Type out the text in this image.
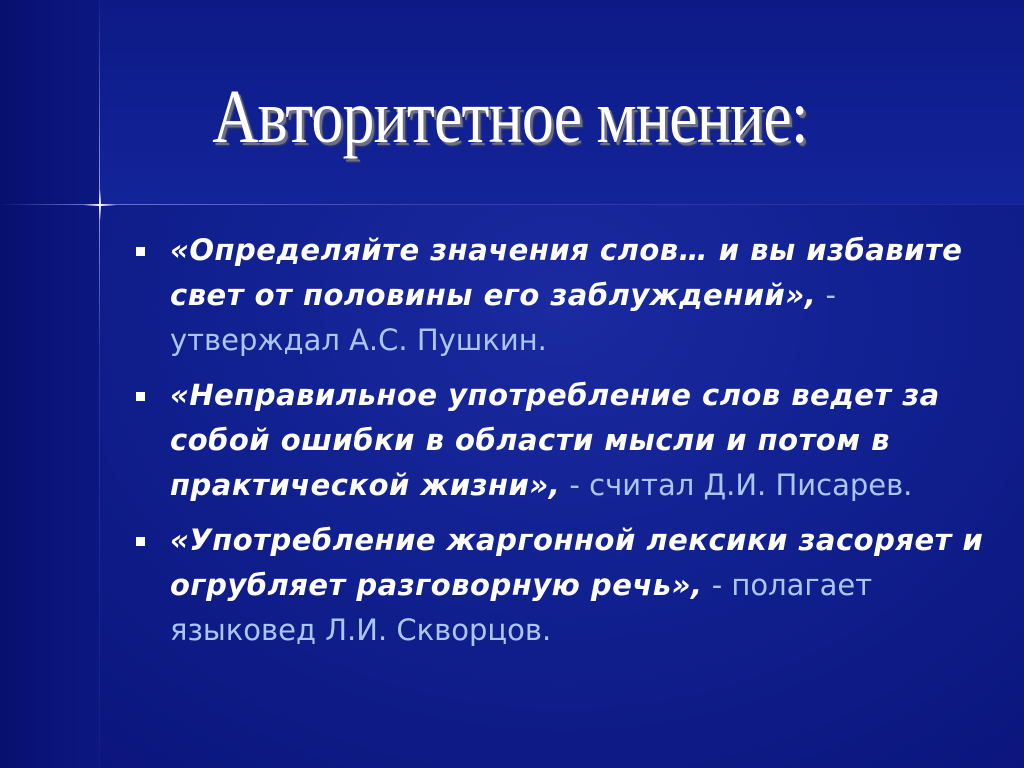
Авторитетное мнение:
«Определяйте значения слов… и вы избавите свет от половины его заблуждений», - утверждал А.С. Пушкин.
«Неправильное употребление слов ведет за собой ошибки в области мысли и потом в практической жизни», - считал Д.И. Писарев.
«Употребление жаргонной лексики засоряет и огрубляет разговорную речь», - полагает языковед Л.И. Скворцов.
